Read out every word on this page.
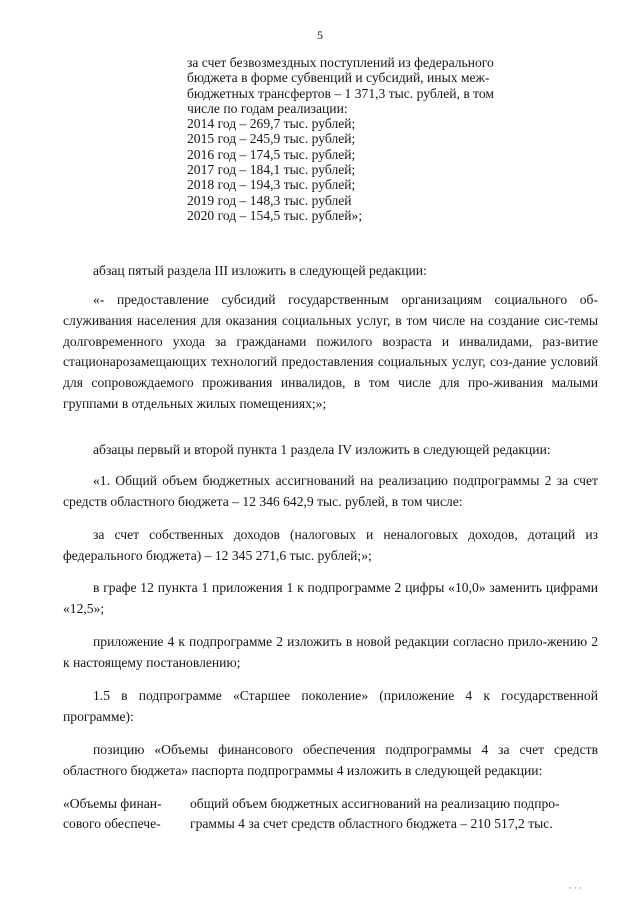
5
за счет безвозмездных поступлений из федерального
бюджета в форме субвенций и субсидий, иных меж-
бюджетных трансфертов – 1 371,3 тыс. рублей, в том
числе по годам реализации:
2014 год – 269,7 тыс. рублей;
2015 год – 245,9 тыс. рублей;
2016 год – 174,5 тыс. рублей;
2017 год – 184,1 тыс. рублей;
2018 год – 194,3 тыс. рублей;
2019 год – 148,3 тыс. рублей
2020 год – 154,5 тыс. рублей»;
абзац пятый раздела III изложить в следующей редакции:
«- предоставление субсидий государственным организациям социального об-служивания населения для оказания социальных услуг, в том числе на создание сис-темы долговременного ухода за гражданами пожилого возраста и инвалидами, раз-витие стационарозамещающих технологий предоставления социальных услуг, соз-дание условий для сопровождаемого проживания инвалидов, в том числе для про-живания малыми группами в отдельных жилых помещениях;»;
абзацы первый и второй пункта 1 раздела IV изложить в следующей редакции:
«1. Общий объем бюджетных ассигнований на реализацию подпрограммы 2 за счет средств областного бюджета – 12 346 642,9 тыс. рублей, в том числе:
за счет собственных доходов (налоговых и неналоговых доходов, дотаций из федерального бюджета) – 12 345 271,6 тыс. рублей;»;
в графе 12 пункта 1 приложения 1 к подпрограмме 2 цифры «10,0» заменить цифрами «12,5»;
приложение 4 к подпрограмме 2 изложить в новой редакции согласно прило-жению 2 к настоящему постановлению;
1.5 в подпрограмме «Старшее поколение» (приложение 4 к государственной программе):
позицию «Объемы финансового обеспечения подпрограммы 4 за счет средств областного бюджета» паспорта подпрограммы 4 изложить в следующей редакции:
«Объемы финан-
сового обеспече-
общий объем бюджетных ассигнований на реализацию подпро-
граммы 4 за счет средств областного бюджета – 210 517,2 тыс.
· · ·
